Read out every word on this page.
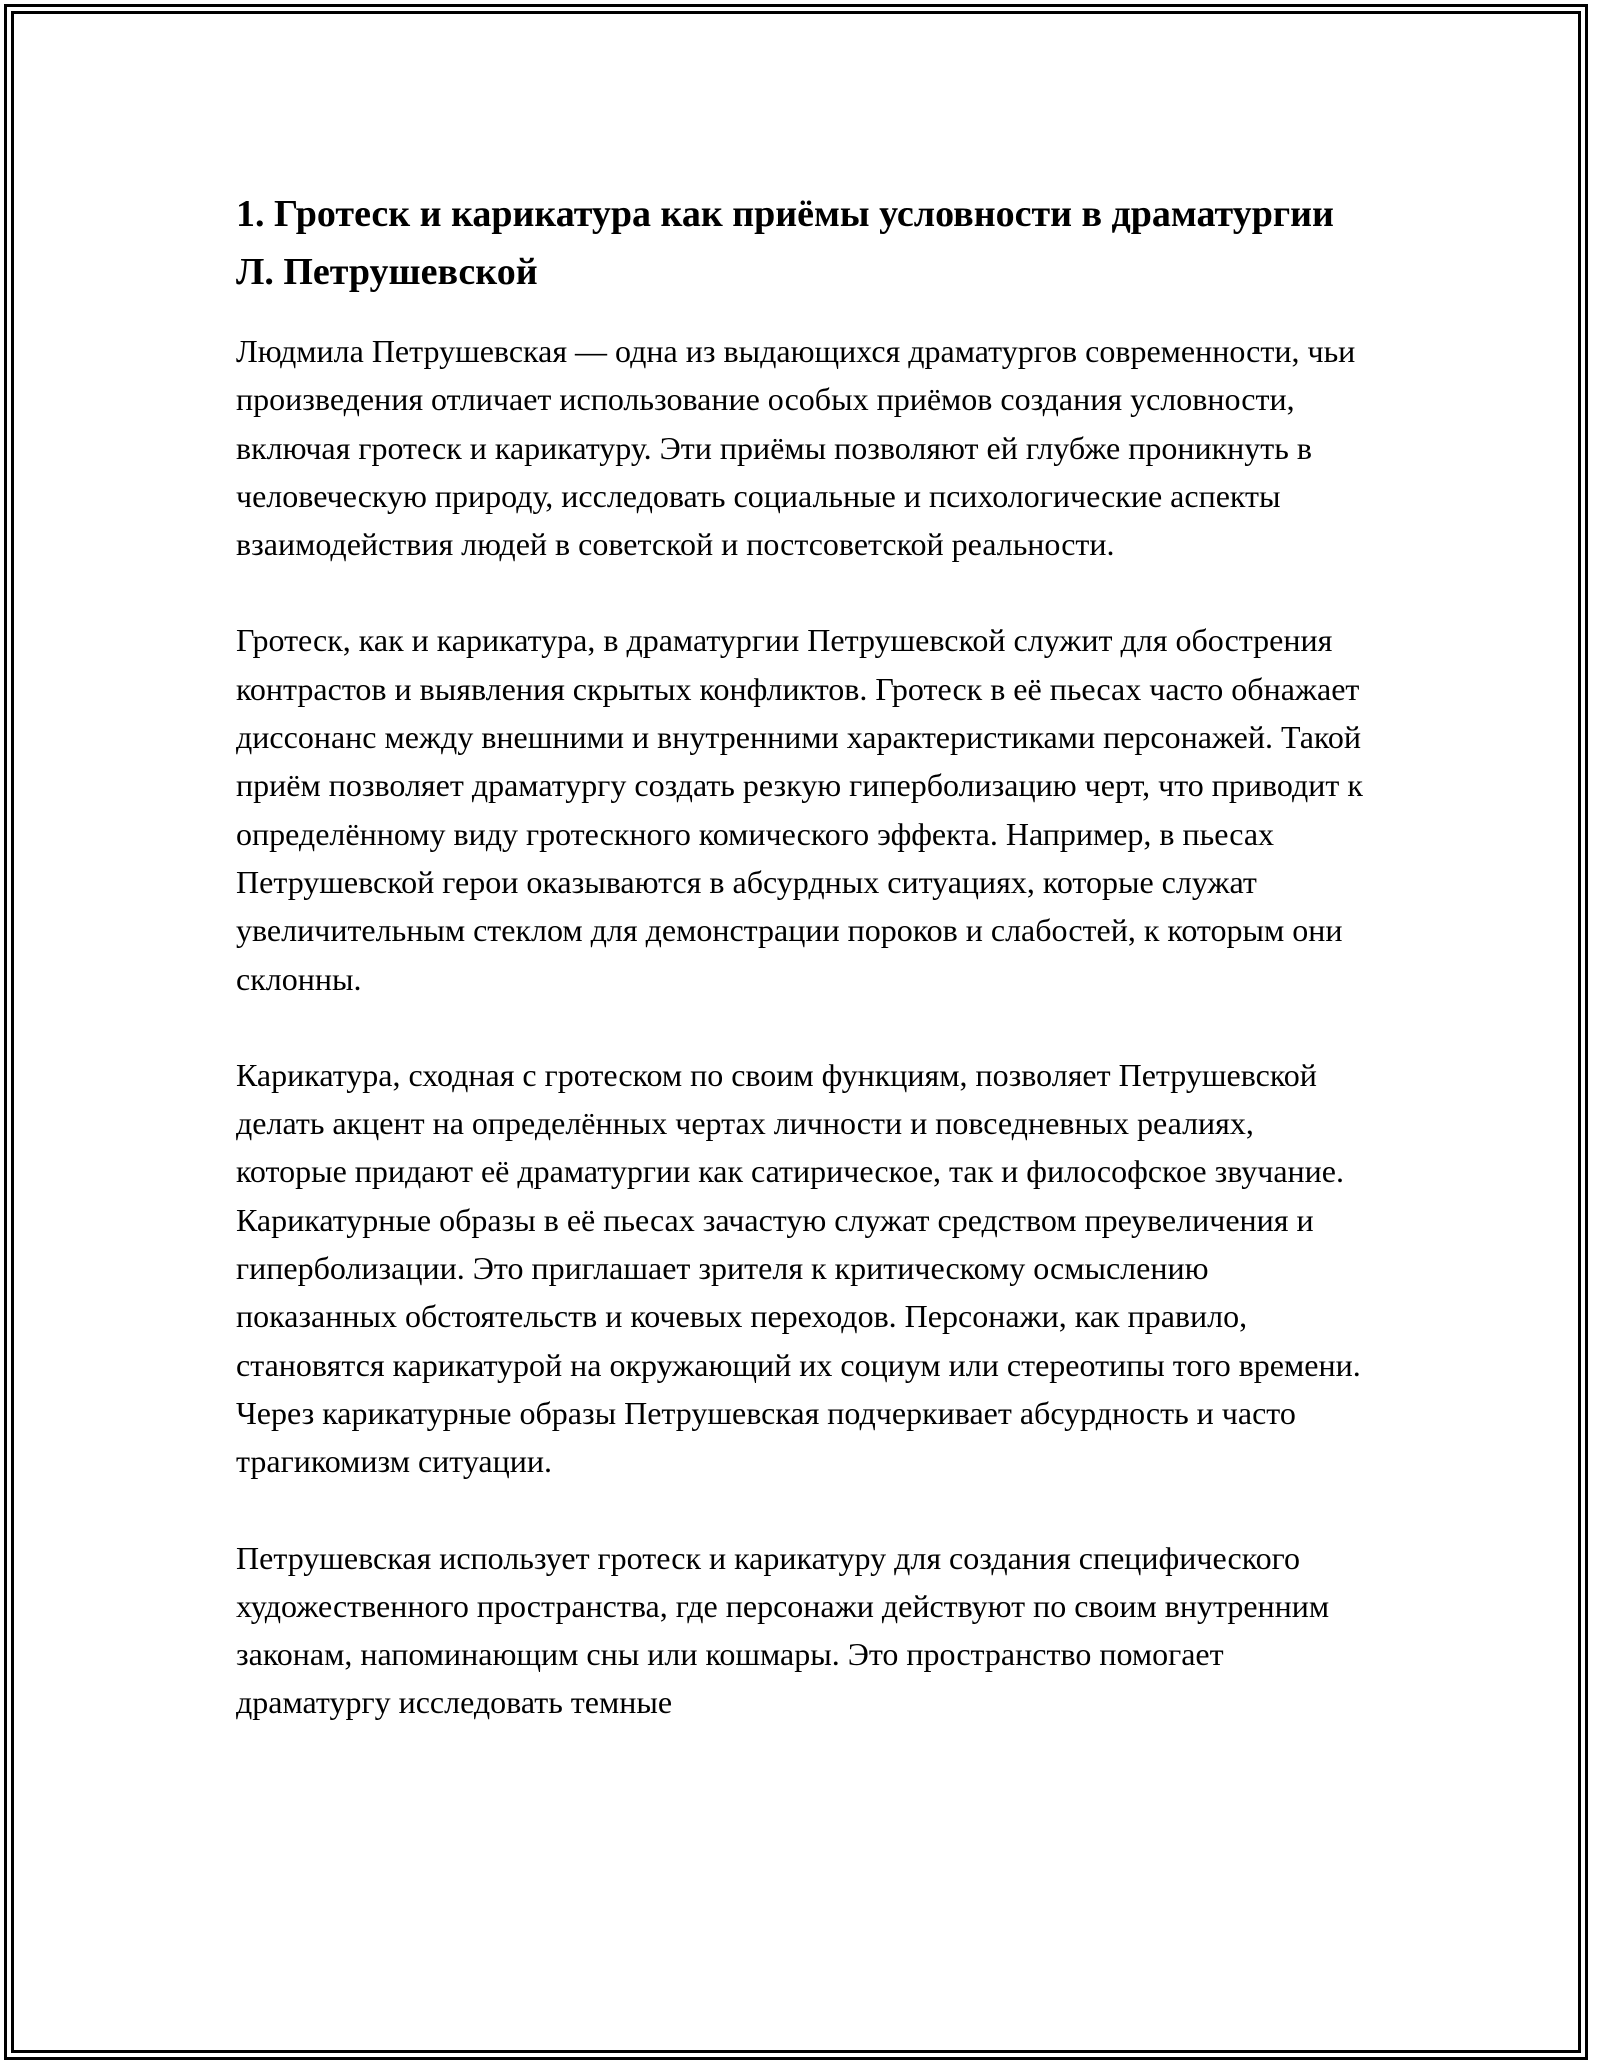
1. Гротеск и карикатура как приёмы условности в драматургии Л. Петрушевской

Людмила Петрушевская — одна из выдающихся драматургов современности, чьи произведения отличает использование особых приёмов создания условности, включая гротеск и карикатуру. Эти приёмы позволяют ей глубже проникнуть в человеческую природу, исследовать социальные и психологические аспекты взаимодействия людей в советской и постсоветской реальности.

Гротеск, как и карикатура, в драматургии Петрушевской служит для обострения контрастов и выявления скрытых конфликтов. Гротеск в её пьесах часто обнажает диссонанс между внешними и внутренними характеристиками персонажей. Такой приём позволяет драматургу создать резкую гиперболизацию черт, что приводит к определённому виду гротескного комического эффекта. Например, в пьесах Петрушевской герои оказываются в абсурдных ситуациях, которые служат увеличительным стеклом для демонстрации пороков и слабостей, к которым они склонны.

Карикатура, сходная с гротеском по своим функциям, позволяет Петрушевской делать акцент на определённых чертах личности и повседневных реалиях, которые придают её драматургии как сатирическое, так и философское звучание. Карикатурные образы в её пьесах зачастую служат средством преувеличения и гиперболизации. Это приглашает зрителя к критическому осмыслению показанных обстоятельств и кочевых переходов. Персонажи, как правило, становятся карикатурой на окружающий их социум или стереотипы того времени. Через карикатурные образы Петрушевская подчеркивает абсурдность и часто трагикомизм ситуации.

Петрушевская использует гротеск и карикатуру для создания специфического художественного пространства, где персонажи действуют по своим внутренним законам, напоминающим сны или кошмары. Это пространство помогает драматургу исследовать темные
